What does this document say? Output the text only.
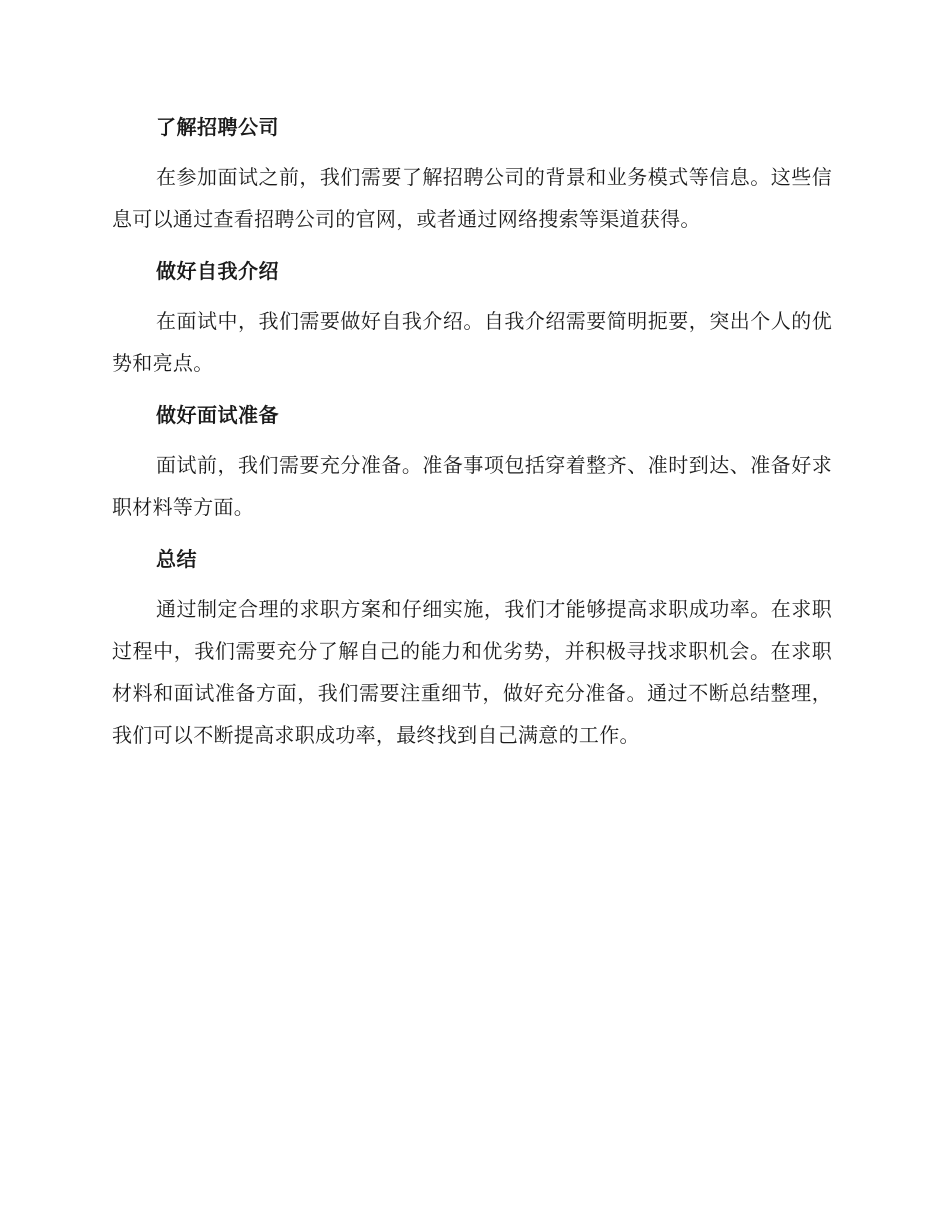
了解招聘公司

在参加面试之前，我们需要了解招聘公司的背景和业务模式等信息。这些信息可以通过查看招聘公司的官网，或者通过网络搜索等渠道获得。

做好自我介绍

在面试中，我们需要做好自我介绍。自我介绍需要简明扼要，突出个人的优势和亮点。

做好面试准备

面试前，我们需要充分准备。准备事项包括穿着整齐、准时到达、准备好求职材料等方面。

总结

通过制定合理的求职方案和仔细实施，我们才能够提高求职成功率。在求职过程中，我们需要充分了解自己的能力和优劣势，并积极寻找求职机会。在求职材料和面试准备方面，我们需要注重细节，做好充分准备。通过不断总结整理，我们可以不断提高求职成功率，最终找到自己满意的工作。
